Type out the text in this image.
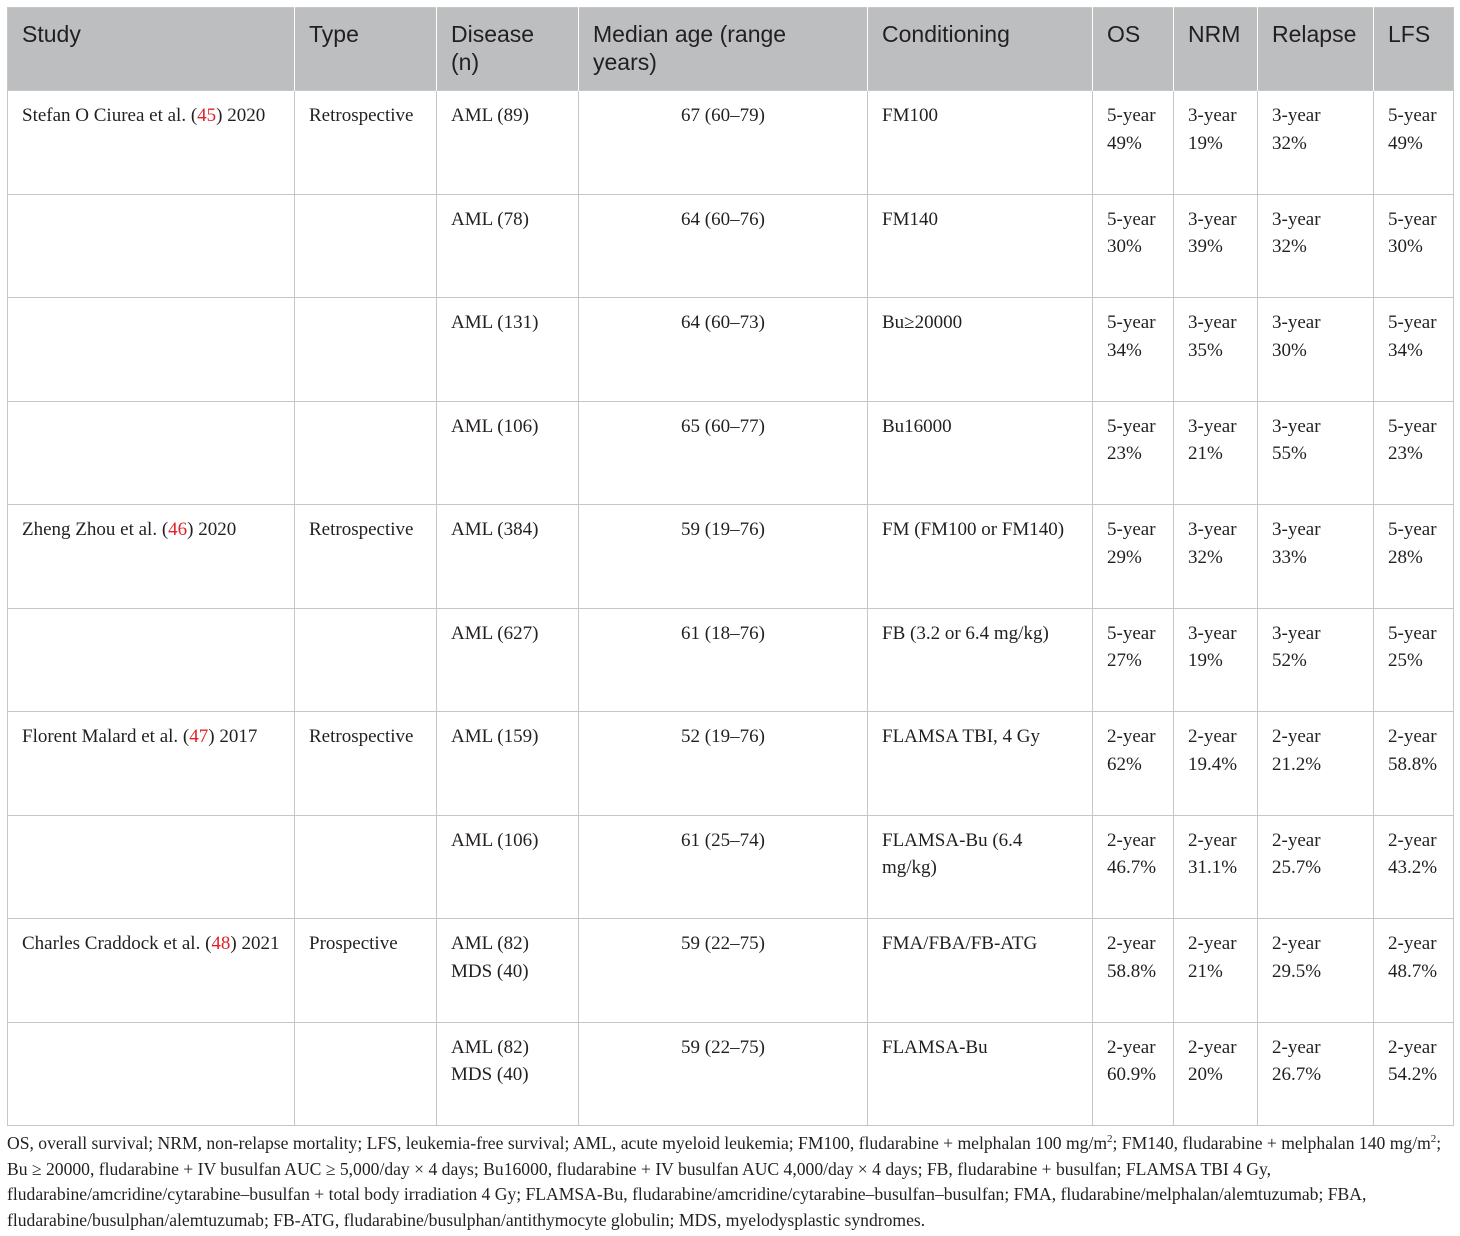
Study	Type	Disease (n)	Median age (range years)	Conditioning	OS	NRM	Relapse	LFS
Stefan O Ciurea et al. (45) 2020	Retrospective	AML (89)	67 (60–79)	FM100	5-year 49%	3-year 19%	3-year 32%	5-year 49%
		AML (78)	64 (60–76)	FM140	5-year 30%	3-year 39%	3-year 32%	5-year 30%
		AML (131)	64 (60–73)	Bu≥20000	5-year 34%	3-year 35%	3-year 30%	5-year 34%
		AML (106)	65 (60–77)	Bu16000	5-year 23%	3-year 21%	3-year 55%	5-year 23%
Zheng Zhou et al. (46) 2020	Retrospective	AML (384)	59 (19–76)	FM (FM100 or FM140)	5-year 29%	3-year 32%	3-year 33%	5-year 28%
		AML (627)	61 (18–76)	FB (3.2 or 6.4 mg/kg)	5-year 27%	3-year 19%	3-year 52%	5-year 25%
Florent Malard et al. (47) 2017	Retrospective	AML (159)	52 (19–76)	FLAMSA TBI, 4 Gy	2-year 62%	2-year 19.4%	2-year 21.2%	2-year 58.8%
		AML (106)	61 (25–74)	FLAMSA-Bu (6.4 mg/kg)	2-year 46.7%	2-year 31.1%	2-year 25.7%	2-year 43.2%
Charles Craddock et al. (48) 2021	Prospective	AML (82) MDS (40)	59 (22–75)	FMA/FBA/FB-ATG	2-year 58.8%	2-year 21%	2-year 29.5%	2-year 48.7%
		AML (82) MDS (40)	59 (22–75)	FLAMSA-Bu	2-year 60.9%	2-year 20%	2-year 26.7%	2-year 54.2%
OS, overall survival; NRM, non-relapse mortality; LFS, leukemia-free survival; AML, acute myeloid leukemia; FM100, fludarabine + melphalan 100 $mg/m^2$; FM140, fludarabine + melphalan 140 $mg/m^2$; Bu ≥ 20000, fludarabine + IV busulfan AUC ≥ 5,000/day × 4 days; Bu16000, fludarabine + IV busulfan AUC 4,000/day × 4 days; FB, fludarabine + busulfan; FLAMSA TBI 4 Gy, fludarabine/amcridine/cytarabine–busulfan + total body irradiation 4 Gy; FLAMSA-Bu, fludarabine/amcridine/cytarabine–busulfan–busulfan; FMA, fludarabine/melphalan/alemtuzumab; FBA, fludarabine/busulphan/alemtuzumab; FB-ATG, fludarabine/busulphan/antithymocyte globulin; MDS, myelodysplastic syndromes.
